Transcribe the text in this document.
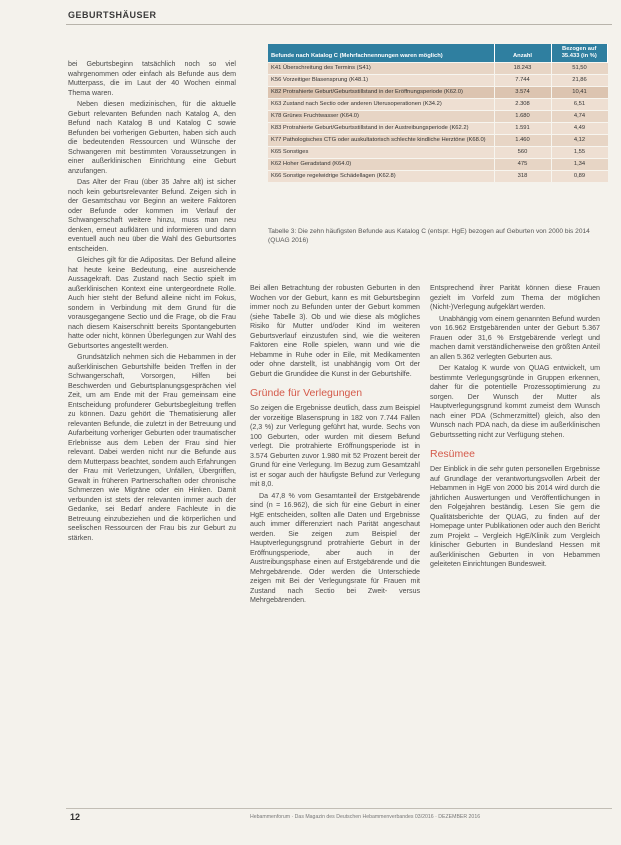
GEBURTSHÄUSER

bei Geburtsbeginn tatsächlich noch so viel wahrgenommen oder einfach als Befunde aus dem Mutterpass, die im Laut der 40 Wochen einmal Thema waren.

Neben diesen medizinischen, für die aktuelle Geburt relevanten Befunden nach Katalog A, den Befund nach Katalog B und Katalog C sowie Befunden bei vorherigen Geburten, haben sich auch die bedeutenden Ressourcen und Wünsche der Schwangeren mit bestimmten Voraussetzungen in einer außerklinischen Einrichtung eine Geburt anzufangen.

Das Alter der Frau (über 35 Jahre alt) ist sicher noch kein geburtsrelevanter Befund. Zeigen sich in der Gesamtschau vor Beginn an weitere Faktoren oder Befunde oder kommen im Verlauf der Schwangerschaft weitere hinzu, muss man neu denken, erneut aufklären und informieren und dann eventuell auch neu über die Wahl des Geburtsortes entscheiden.

Gleiches gilt für die Adipositas. Der Befund alleine hat heute keine Bedeutung, eine ausreichende Aussagekraft. Das Zustand nach Sectio spielt im außerklinischen Kontext eine untergeordnete Rolle. Auch hier steht der Befund alleine nicht im Fokus, sondern in Verbindung mit dem Grund für die vorausgegangene Sectio und die Frage, ob die Frau nach diesem Kaiserschnitt bereits Spontangeburten hatte oder nicht, können Überlegungen zur Wahl des Geburtsortes angestellt werden.

Grundsätzlich nehmen sich die Hebammen in der außerklinischen Geburtshilfe beiden Treffen in der Schwangerschaft, Vorsorgen, Hilfen bei Beschwerden und Geburtsplanungsgesprächen viel Zeit, um am Ende mit der Frau gemeinsam eine Entscheidung profunderer Geburtsbegleitung treffen zu können. Dazu gehört die Thematisierung aller relevanten Befunde, die zuletzt in der Betreuung und Aufarbeitung vorheriger Geburten oder traumatischer Erlebnisse aus dem Leben der Frau sind hier relevant. Dabei werden nicht nur die Befunde aus dem Mutterpass beachtet, sondern auch Erfahrungen der Frau mit Verletzungen, Unfällen, Übergriffen, Gewalt in früheren Partnerschaften oder chronische Schmerzen wie Migräne oder ein Hinken. Damit verbunden ist stets der relevanten immer auch der Gedanke, sei Bedarf andere Fachleute in die Betreuung einzubeziehen und die körperlichen und seelischen Ressourcen der Frau bis zur Geburt zu stärken.

Befunde nach Katalog C (Mehrfachnennungen waren möglich)	Anzahl	Bezogen auf 35.433 (in %)
K41 Überschreitung des Termins (S41)	18.243	51,50
K56 Vorzeitiger Blasensprung (K48.1)	7.744	21,86
K82 Protrahierte Geburt/Geburtsstillstand in der Eröffnungsperiode (K62.0)	3.574	10,41
K63 Zustand nach Sectio oder anderen Uterusoperationen (K34.2)	2.308	6,51
K78 Grünes Fruchtwasser (K64.0)	1.680	4,74
K83 Protrahierte Geburt/Geburtsstillstand in der Austreibungsperiode (K62.2)	1.591	4,49
K77 Pathologisches CTG oder auskultatorisch schlechte kindliche Herztöne (K68.0)	1.460	4,12
K65 Sonstiges	560	1,55
K62 Hoher Geradstand (K64.0)	475	1,34
K66 Sonstige regelwidrige Schädellagen (K62.8)	318	0,89
Tabelle 3: Die zehn häufigsten Befunde aus Katalog C (entspr. HgE) bezogen auf Geburten von 2000 bis 2014 (QUAG 2016)

Bei allen Betrachtung der robusten Geburten in den Wochen vor der Geburt, kann es mit Geburtsbeginn immer noch zu Befunden unter der Geburt kommen (siehe Tabelle 3). Ob und wie diese als mögliches Risiko für Mutter und/oder Kind im weiteren Geburtsverlauf einzustufen sind, wie die weiteren Faktoren eine Rolle spielen, wann und wie die Hebamme in Ruhe oder in Eile, mit Medikamenten oder ohne darstellt, ist unabhängig vom Ort der Geburt die Grundidee die Kunst in der Geburtshilfe.

Gründe für Verlegungen

So zeigen die Ergebnisse deutlich, dass zum Beispiel der vorzeitige Blasensprung in 182 von 7.744 Fällen (2,3 %) zur Verlegung geführt hat, wurde. Sechs von 100 Geburten, oder wurden mit diesem Befund verlegt. Die protrahierte Eröffnungsperiode ist in 3.574 Geburten zuvor 1.980 mit 52 Prozent bereit der Grund für eine Verlegung. Im Bezug zum Gesamtzahl ist er sogar auch der häufigste Befund zur Verlegung mit 8,0.

Da 47,8 % vom Gesamtanteil der Erstgebärende sind (n = 16.962), die sich für eine Geburt in einer HgE entscheiden, sollten alle Daten und Ergebnisse auch immer differenziert nach Parität angeschaut werden. Sie zeigen zum Beispiel der Hauptverlegungsgrund protrahierte Geburt in der Eröffnungsperiode, aber auch in der Austreibungsphase einen auf Erstgebärende und die Mehrgebärende. Oder werden die Unterschiede zeigen mit Bei der Verlegungsrate für Frauen mit Zustand nach Sectio bei Zweit- versus Mehrgebärenden.

Entsprechend ihrer Parität können diese Frauen gezielt im Vorfeld zum Thema der möglichen (Nicht-)Verlegung aufgeklärt werden.

Unabhängig vom einem genannten Befund wurden von 16.962 Erstgebärenden unter der Geburt 5.367 Frauen oder 31,6 % Erstgebärende verlegt und machen damit verständlicherweise den größten Anteil an allen 5.362 verlegten Geburten aus.

Der Katalog K wurde von QUAG entwickelt, um bestimmte Verlegungsgründe in Gruppen erkennen, daher für die potentielle Prozessoptimierung zu sorgen. Der Wunsch der Mutter als Hauptverlegungsgrund kommt zumeist dem Wunsch nach einer PDA (Schmerzmittel) gleich, also den Wunsch nach PDA nach, da diese im außerklinischen Geburtssetting nicht zur Verfügung stehen.

Resümee

Der Einblick in die sehr guten personellen Ergebnisse auf Grundlage der verantwortungsvollen Arbeit der Hebammen in HgE von 2000 bis 2014 wird durch die jährlichen Auswertungen und Veröffentlichungen in den Folgejahren beständig. Lesen Sie gern die Qualitätsberichte der QUAG, zu finden auf der Homepage unter Publikationen oder auch den Bericht zum Projekt – Vergleich HgE/Klinik zum Vergleich klinischer Geburten in Bundesland Hessen mit außerklinischen Geburten in von Hebammen geleiteten Einrichtungen Bundesweit.

12	Hebammenforum · Das Magazin des Deutschen Hebammenverbandes 03/2016 · DEZEMBER 2016
